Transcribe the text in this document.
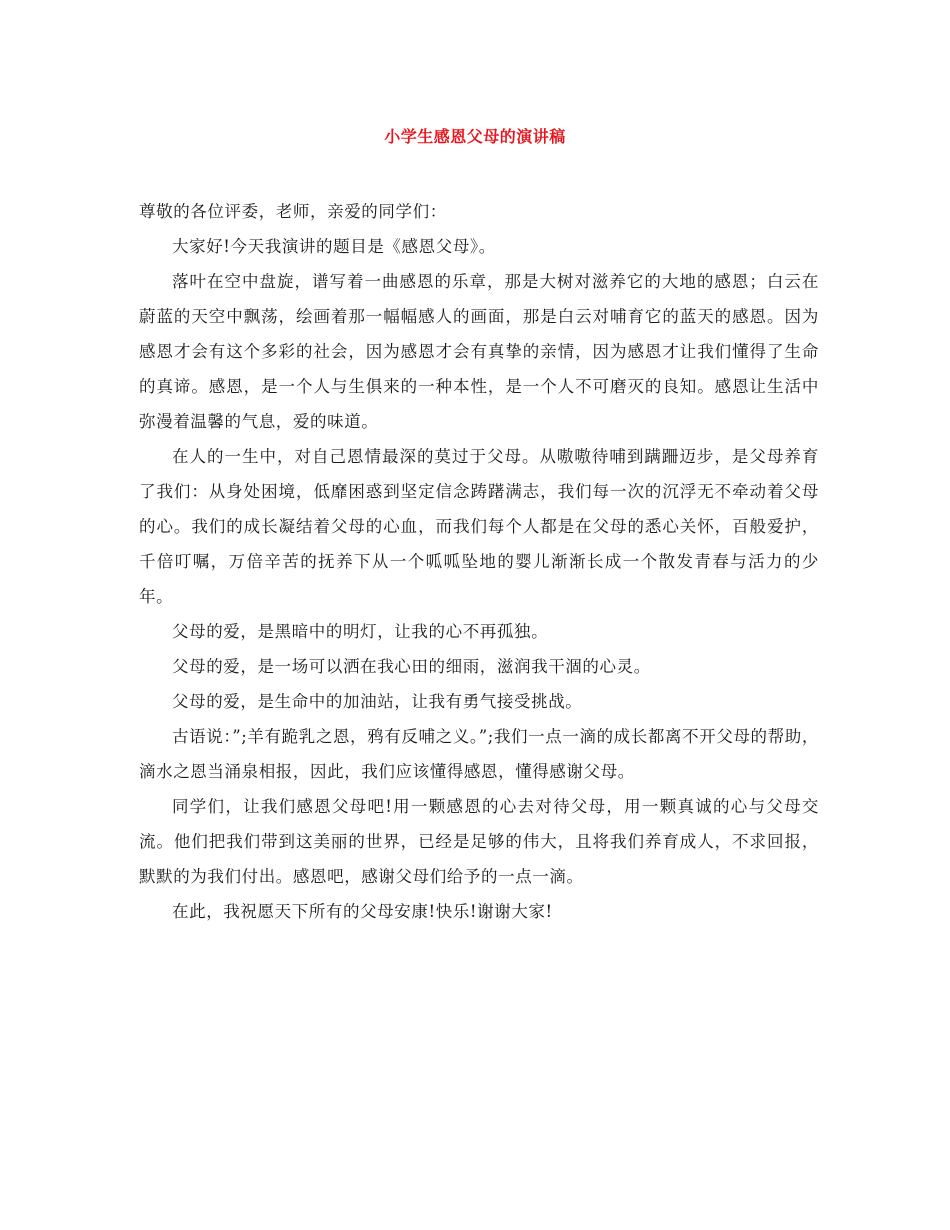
小学生感恩父母的演讲稿

尊敬的各位评委，老师，亲爱的同学们：

大家好!今天我演讲的题目是《感恩父母》。

落叶在空中盘旋，谱写着一曲感恩的乐章，那是大树对滋养它的大地的感恩；白云在蔚蓝的天空中飘荡，绘画着那一幅幅感人的画面，那是白云对哺育它的蓝天的感恩。因为感恩才会有这个多彩的社会，因为感恩才会有真挚的亲情，因为感恩才让我们懂得了生命的真谛。感恩，是一个人与生俱来的一种本性，是一个人不可磨灭的良知。感恩让生活中弥漫着温馨的气息，爱的味道。

在人的一生中，对自己恩情最深的莫过于父母。从嗷嗷待哺到蹒跚迈步，是父母养育了我们：从身处困境，低靡困惑到坚定信念踌躇满志，我们每一次的沉浮无不牵动着父母的心。我们的成长凝结着父母的心血，而我们每个人都是在父母的悉心关怀，百般爱护，千倍叮嘱，万倍辛苦的抚养下从一个呱呱坠地的婴儿渐渐长成一个散发青春与活力的少年。

父母的爱，是黑暗中的明灯，让我的心不再孤独。

父母的爱，是一场可以洒在我心田的细雨，滋润我干涸的心灵。

父母的爱，是生命中的加油站，让我有勇气接受挑战。

古语说：”;羊有跪乳之恩，鸦有反哺之义。”;我们一点一滴的成长都离不开父母的帮助，滴水之恩当涌泉相报，因此，我们应该懂得感恩，懂得感谢父母。

同学们，让我们感恩父母吧!用一颗感恩的心去对待父母，用一颗真诚的心与父母交流。他们把我们带到这美丽的世界，已经是足够的伟大，且将我们养育成人，不求回报，默默的为我们付出。感恩吧，感谢父母们给予的一点一滴。

在此，我祝愿天下所有的父母安康!快乐!谢谢大家!
